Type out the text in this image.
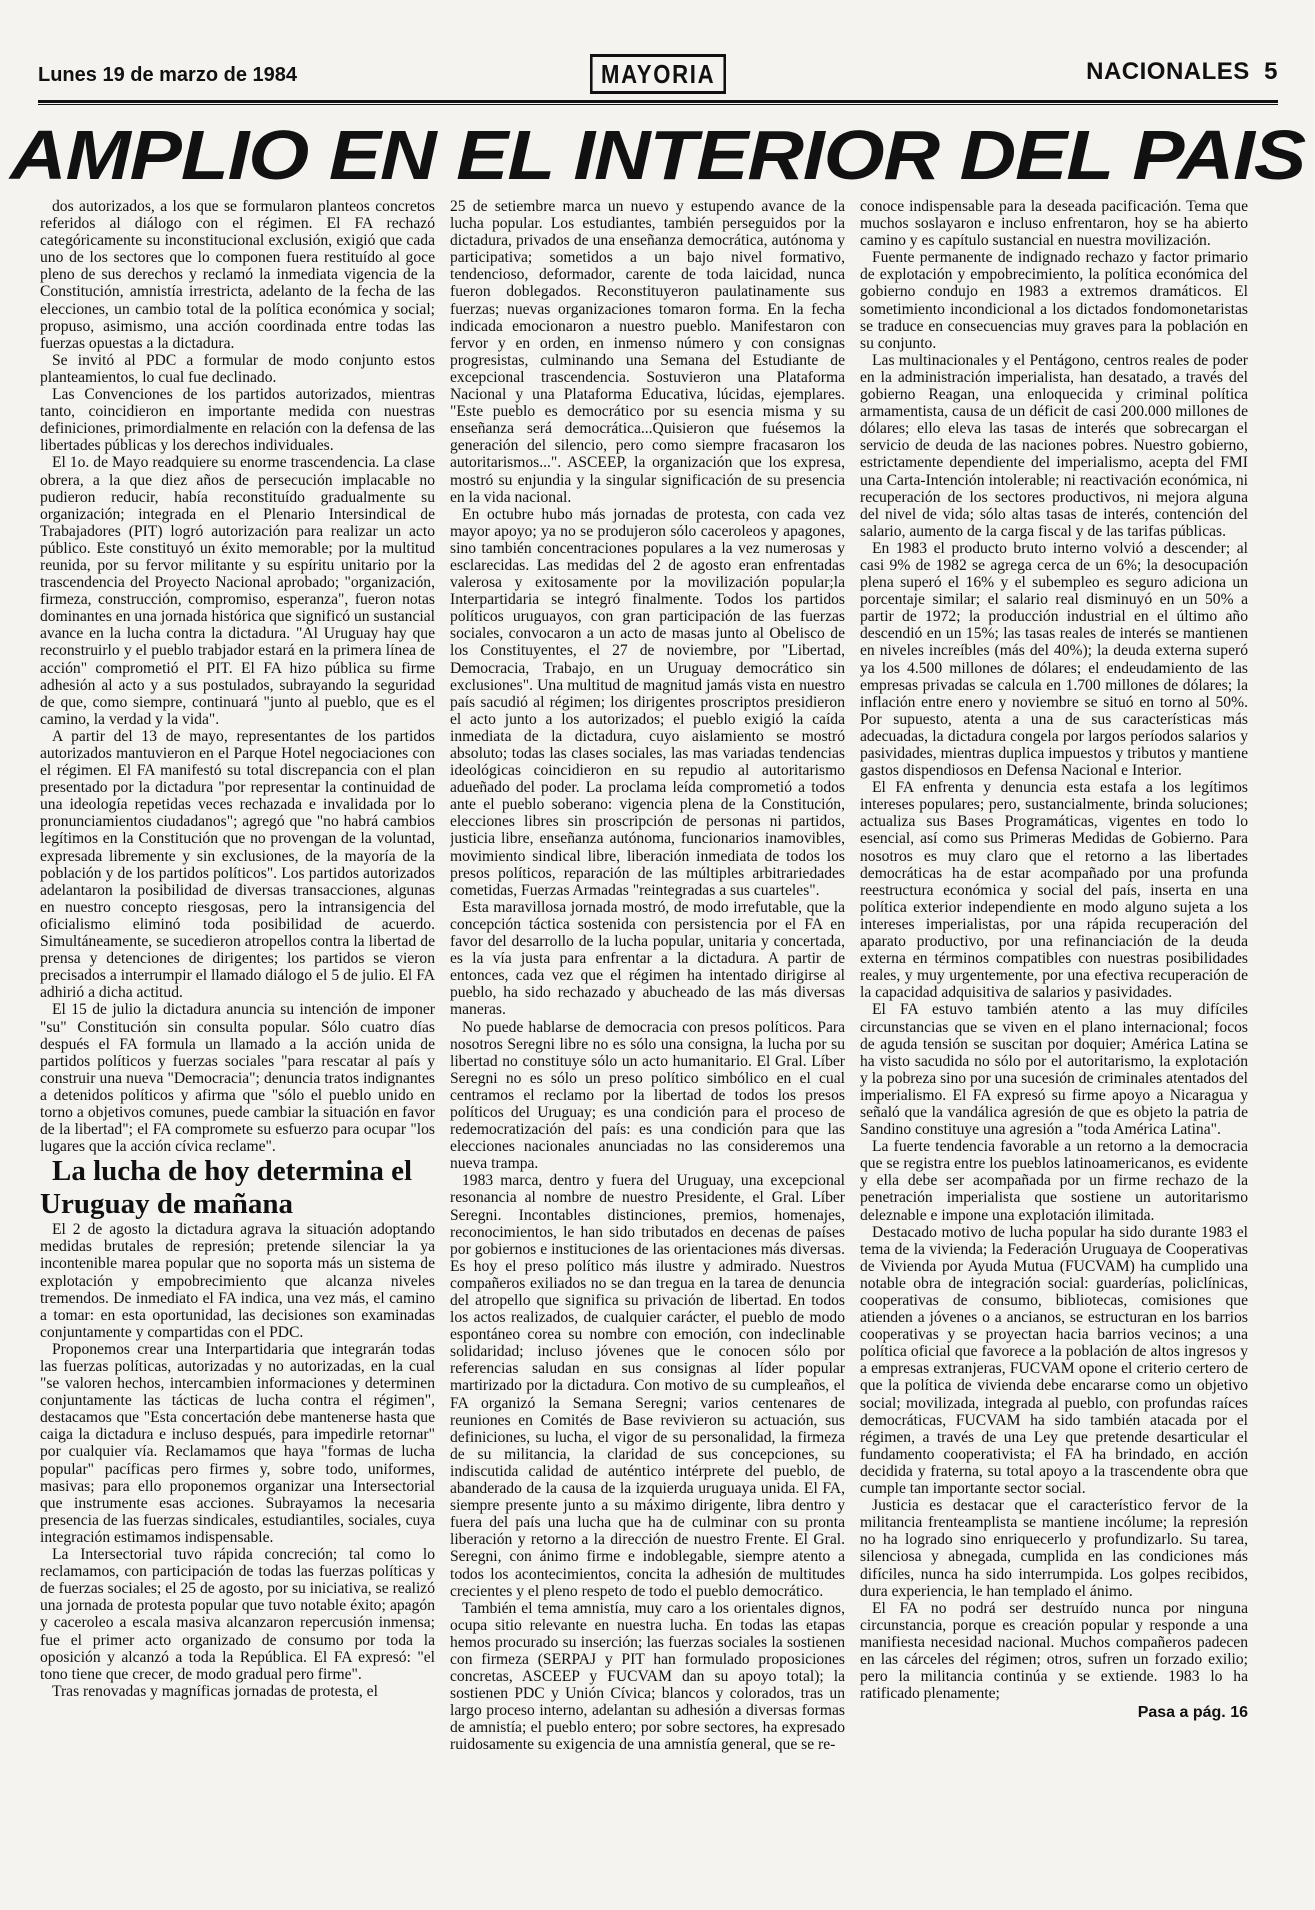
Lunes 19 de marzo de 1984	MAYORIA	NACIONALES 5
AMPLIO EN EL INTERIOR DEL PAIS

dos autorizados, a los que se formularon planteos concretos referidos al diálogo con el régimen. El FA rechazó categóricamente su inconstitucional exclusión, exigió que cada uno de los sectores que lo componen fuera restituído al goce pleno de sus derechos y reclamó la inmediata vigencia de la Constitución, amnistía irrestricta, adelanto de la fecha de las elecciones, un cambio total de la política económica y social; propuso, asimismo, una acción coordinada entre todas las fuerzas opuestas a la dictadura.

Se invitó al PDC a formular de modo conjunto estos planteamientos, lo cual fue declinado.

Las Convenciones de los partidos autorizados, mientras tanto, coincidieron en importante medida con nuestras definiciones, primordialmente en relación con la defensa de las libertades públicas y los derechos individuales.

El 1o. de Mayo readquiere su enorme trascendencia. La clase obrera, a la que diez años de persecución implacable no pudieron reducir, había reconstituído gradualmente su organización; integrada en el Plenario Intersindical de Trabajadores (PIT) logró autorización para realizar un acto público. Este constituyó un éxito memorable; por la multitud reunida, por su fervor militante y su espíritu unitario por la trascendencia del Proyecto Nacional aprobado; "organización, firmeza, construcción, compromiso, esperanza", fueron notas dominantes en una jornada histórica que significó un sustancial avance en la lucha contra la dictadura. "Al Uruguay hay que reconstruirlo y el pueblo trabjador estará en la primera línea de acción" comprometió el PIT. El FA hizo pública su firme adhesión al acto y a sus postulados, subrayando la seguridad de que, como siempre, continuará "junto al pueblo, que es el camino, la verdad y la vida".

A partir del 13 de mayo, representantes de los partidos autorizados mantuvieron en el Parque Hotel negociaciones con el régimen. El FA manifestó su total discrepancia con el plan presentado por la dictadura "por representar la continuidad de una ideología repetidas veces rechazada e invalidada por lo pronunciamientos ciudadanos"; agregó que "no habrá cambios legítimos en la Constitución que no provengan de la voluntad, expresada libremente y sin exclusiones, de la mayoría de la población y de los partidos políticos". Los partidos autorizados adelantaron la posibilidad de diversas transacciones, algunas en nuestro concepto riesgosas, pero la intransigencia del oficialismo eliminó toda posibilidad de acuerdo. Simultáneamente, se sucedieron atropellos contra la libertad de prensa y detenciones de dirigentes; los partidos se vieron precisados a interrumpir el llamado diálogo el 5 de julio. El FA adhirió a dicha actitud.

El 15 de julio la dictadura anuncia su intención de imponer "su" Constitución sin consulta popular. Sólo cuatro días después el FA formula un llamado a la acción unida de partidos políticos y fuerzas sociales "para rescatar al país y construir una nueva "Democracia"; denuncia tratos indignantes a detenidos políticos y afirma que "sólo el pueblo unido en torno a objetivos comunes, puede cambiar la situación en favor de la libertad"; el FA compromete su esfuerzo para ocupar "los lugares que la acción cívica reclame".

La lucha de hoy determina el Uruguay de mañana

El 2 de agosto la dictadura agrava la situación adoptando medidas brutales de represión; pretende silenciar la ya incontenible marea popular que no soporta más un sistema de explotación y empobrecimiento que alcanza niveles tremendos. De inmediato el FA indica, una vez más, el camino a tomar: en esta oportunidad, las decisiones son examinadas conjuntamente y compartidas con el PDC.

Proponemos crear una Interpartidaria que integrarán todas las fuerzas políticas, autorizadas y no autorizadas, en la cual "se valoren hechos, intercambien informaciones y determinen conjuntamente las tácticas de lucha contra el régimen", destacamos que "Esta concertación debe mantenerse hasta que caiga la dictadura e incluso después, para impedirle retornar" por cualquier vía. Reclamamos que haya "formas de lucha popular" pacíficas pero firmes y, sobre todo, uniformes, masivas; para ello proponemos organizar una Intersectorial que instrumente esas acciones. Subrayamos la necesaria presencia de las fuerzas sindicales, estudiantiles, sociales, cuya integración estimamos indispensable.

La Intersectorial tuvo rápida concreción; tal como lo reclamamos, con participación de todas las fuerzas políticas y de fuerzas sociales; el 25 de agosto, por su iniciativa, se realizó una jornada de protesta popular que tuvo notable éxito; apagón y caceroleo a escala masiva alcanzaron repercusión inmensa; fue el primer acto organizado de consumo por toda la oposición y alcanzó a toda la República. El FA expresó: "el tono tiene que crecer, de modo gradual pero firme".

Tras renovadas y magníficas jornadas de protesta, el

25 de setiembre marca un nuevo y estupendo avance de la lucha popular. Los estudiantes, también perseguidos por la dictadura, privados de una enseñanza democrática, autónoma y participativa; sometidos a un bajo nivel formativo, tendencioso, deformador, carente de toda laicidad, nunca fueron doblegados. Reconstituyeron paulatinamente sus fuerzas; nuevas organizaciones tomaron forma. En la fecha indicada emocionaron a nuestro pueblo. Manifestaron con fervor y en orden, en inmenso número y con consignas progresistas, culminando una Semana del Estudiante de excepcional trascendencia. Sostuvieron una Plataforma Nacional y una Plataforma Educativa, lúcidas, ejemplares. "Este pueblo es democrático por su esencia misma y su enseñanza será democrática...Quisieron que fuésemos la generación del silencio, pero como siempre fracasaron los autoritarismos...". ASCEEP, la organización que los expresa, mostró su enjundia y la singular significación de su presencia en la vida nacional.

En octubre hubo más jornadas de protesta, con cada vez mayor apoyo; ya no se produjeron sólo caceroleos y apagones, sino también concentraciones populares a la vez numerosas y esclarecidas. Las medidas del 2 de agosto eran enfrentadas valerosa y exitosamente por la movilización popular;la Interpartidaria se integró finalmente. Todos los partidos políticos uruguayos, con gran participación de las fuerzas sociales, convocaron a un acto de masas junto al Obelisco de los Constituyentes, el 27 de noviembre, por "Libertad, Democracia, Trabajo, en un Uruguay democrático sin exclusiones". Una multitud de magnitud jamás vista en nuestro país sacudió al régimen; los dirigentes proscriptos presidieron el acto junto a los autorizados; el pueblo exigió la caída inmediata de la dictadura, cuyo aislamiento se mostró absoluto; todas las clases sociales, las mas variadas tendencias ideológicas coincidieron en su repudio al autoritarismo adueñado del poder. La proclama leída comprometió a todos ante el pueblo soberano: vigencia plena de la Constitución, elecciones libres sin proscripción de personas ni partidos, justicia libre, enseñanza autónoma, funcionarios inamovibles, movimiento sindical libre, liberación inmediata de todos los presos políticos, reparación de las múltiples arbitrariedades cometidas, Fuerzas Armadas "reintegradas a sus cuarteles".

Esta maravillosa jornada mostró, de modo irrefutable, que la concepción táctica sostenida con persistencia por el FA en favor del desarrollo de la lucha popular, unitaria y concertada, es la vía justa para enfrentar a la dictadura. A partir de entonces, cada vez que el régimen ha intentado dirigirse al pueblo, ha sido rechazado y abucheado de las más diversas maneras.

No puede hablarse de democracia con presos políticos. Para nosotros Seregni libre no es sólo una consigna, la lucha por su libertad no constituye sólo un acto humanitario. El Gral. Líber Seregni no es sólo un preso político simbólico en el cual centramos el reclamo por la libertad de todos los presos políticos del Uruguay; es una condición para el proceso de redemocratización del país: es una condición para que las elecciones nacionales anunciadas no las consideremos una nueva trampa.

1983 marca, dentro y fuera del Uruguay, una excepcional resonancia al nombre de nuestro Presidente, el Gral. Líber Seregni. Incontables distinciones, premios, homenajes, reconocimientos, le han sido tributados en decenas de países por gobiernos e instituciones de las orientaciones más diversas. Es hoy el preso político más ilustre y admirado. Nuestros compañeros exiliados no se dan tregua en la tarea de denuncia del atropello que significa su privación de libertad. En todos los actos realizados, de cualquier carácter, el pueblo de modo espontáneo corea su nombre con emoción, con indeclinable solidaridad; incluso jóvenes que le conocen sólo por referencias saludan en sus consignas al líder popular martirizado por la dictadura. Con motivo de su cumpleaños, el FA organizó la Semana Seregni; varios centenares de reuniones en Comités de Base revivieron su actuación, sus definiciones, su lucha, el vigor de su personalidad, la firmeza de su militancia, la claridad de sus concepciones, su indiscutida calidad de auténtico intérprete del pueblo, de abanderado de la causa de la izquierda uruguaya unida. El FA, siempre presente junto a su máximo dirigente, libra dentro y fuera del país una lucha que ha de culminar con su pronta liberación y retorno a la dirección de nuestro Frente. El Gral. Seregni, con ánimo firme e indoblegable, siempre atento a todos los acontecimientos, concita la adhesión de multitudes crecientes y el pleno respeto de todo el pueblo democrático.

También el tema amnistía, muy caro a los orientales dignos, ocupa sitio relevante en nuestra lucha. En todas las etapas hemos procurado su inserción; las fuerzas sociales la sostienen con firmeza (SERPAJ y PIT han formulado proposiciones concretas, ASCEEP y FUCVAM dan su apoyo total); la sostienen PDC y Unión Cívica; blancos y colorados, tras un largo proceso interno, adelantan su adhesión a diversas formas de amnistía; el pueblo entero; por sobre sectores, ha expresado ruidosamente su exigencia de una amnistía general, que se re-

conoce indispensable para la deseada pacificación. Tema que muchos soslayaron e incluso enfrentaron, hoy se ha abierto camino y es capítulo sustancial en nuestra movilización.

Fuente permanente de indignado rechazo y factor primario de explotación y empobrecimiento, la política económica del gobierno condujo en 1983 a extremos dramáticos. El sometimiento incondicional a los dictados fondomonetaristas se traduce en consecuencias muy graves para la población en su conjunto.

Las multinacionales y el Pentágono, centros reales de poder en la administración imperialista, han desatado, a través del gobierno Reagan, una enloquecida y criminal política armamentista, causa de un déficit de casi 200.000 millones de dólares; ello eleva las tasas de interés que sobrecargan el servicio de deuda de las naciones pobres. Nuestro gobierno, estrictamente dependiente del imperialismo, acepta del FMI una Carta-Intención intolerable; ni reactivación económica, ni recuperación de los sectores productivos, ni mejora alguna del nivel de vida; sólo altas tasas de interés, contención del salario, aumento de la carga fiscal y de las tarifas públicas.

En 1983 el producto bruto interno volvió a descender; al casi 9% de 1982 se agrega cerca de un 6%; la desocupación plena superó el 16% y el subempleo es seguro adiciona un porcentaje similar; el salario real disminuyó en un 50% a partir de 1972; la producción industrial en el último año descendió en un 15%; las tasas reales de interés se mantienen en niveles increíbles (más del 40%); la deuda externa superó ya los 4.500 millones de dólares; el endeudamiento de las empresas privadas se calcula en 1.700 millones de dólares; la inflación entre enero y noviembre se situó en torno al 50%. Por supuesto, atenta a una de sus características más adecuadas, la dictadura congela por largos períodos salarios y pasividades, mientras duplica impuestos y tributos y mantiene gastos dispendiosos en Defensa Nacional e Interior.

El FA enfrenta y denuncia esta estafa a los legítimos intereses populares; pero, sustancialmente, brinda soluciones; actualiza sus Bases Programáticas, vigentes en todo lo esencial, así como sus Primeras Medidas de Gobierno. Para nosotros es muy claro que el retorno a las libertades democráticas ha de estar acompañado por una profunda reestructura económica y social del país, inserta en una política exterior independiente en modo alguno sujeta a los intereses imperialistas, por una rápida recuperación del aparato productivo, por una refinanciación de la deuda externa en términos compatibles con nuestras posibilidades reales, y muy urgentemente, por una efectiva recuperación de la capacidad adquisitiva de salarios y pasividades.

El FA estuvo también atento a las muy difíciles circunstancias que se viven en el plano internacional; focos de aguda tensión se suscitan por doquier; América Latina se ha visto sacudida no sólo por el autoritarismo, la explotación y la pobreza sino por una sucesión de criminales atentados del imperialismo. El FA expresó su firme apoyo a Nicaragua y señaló que la vandálica agresión de que es objeto la patria de Sandino constituye una agresión a "toda América Latina".

La fuerte tendencia favorable a un retorno a la democracia que se registra entre los pueblos latinoamericanos, es evidente y ella debe ser acompañada por un firme rechazo de la penetración imperialista que sostiene un autoritarismo deleznable e impone una explotación ilimitada.

Destacado motivo de lucha popular ha sido durante 1983 el tema de la vivienda; la Federación Uruguaya de Cooperativas de Vivienda por Ayuda Mutua (FUCVAM) ha cumplido una notable obra de integración social: guarderías, policlínicas, cooperativas de consumo, bibliotecas, comisiones que atienden a jóvenes o a ancianos, se estructuran en los barrios cooperativas y se proyectan hacia barrios vecinos; a una política oficial que favorece a la población de altos ingresos y a empresas extranjeras, FUCVAM opone el criterio certero de que la política de vivienda debe encararse como un objetivo social; movilizada, integrada al pueblo, con profundas raíces democráticas, FUCVAM ha sido también atacada por el régimen, a través de una Ley que pretende desarticular el fundamento cooperativista; el FA ha brindado, en acción decidida y fraterna, su total apoyo a la trascendente obra que cumple tan importante sector social.

Justicia es destacar que el característico fervor de la militancia frenteamplista se mantiene incólume; la represión no ha logrado sino enriquecerlo y profundizarlo. Su tarea, silenciosa y abnegada, cumplida en las condiciones más difíciles, nunca ha sido interrumpida. Los golpes recibidos, dura experiencia, le han templado el ánimo.

El FA no podrá ser destruído nunca por ninguna circunstancia, porque es creación popular y responde a una manifiesta necesidad nacional. Muchos compañeros padecen en las cárceles del régimen; otros, sufren un forzado exilio; pero la militancia continúa y se extiende. 1983 lo ha ratificado plenamente;

Pasa a pág. 16
